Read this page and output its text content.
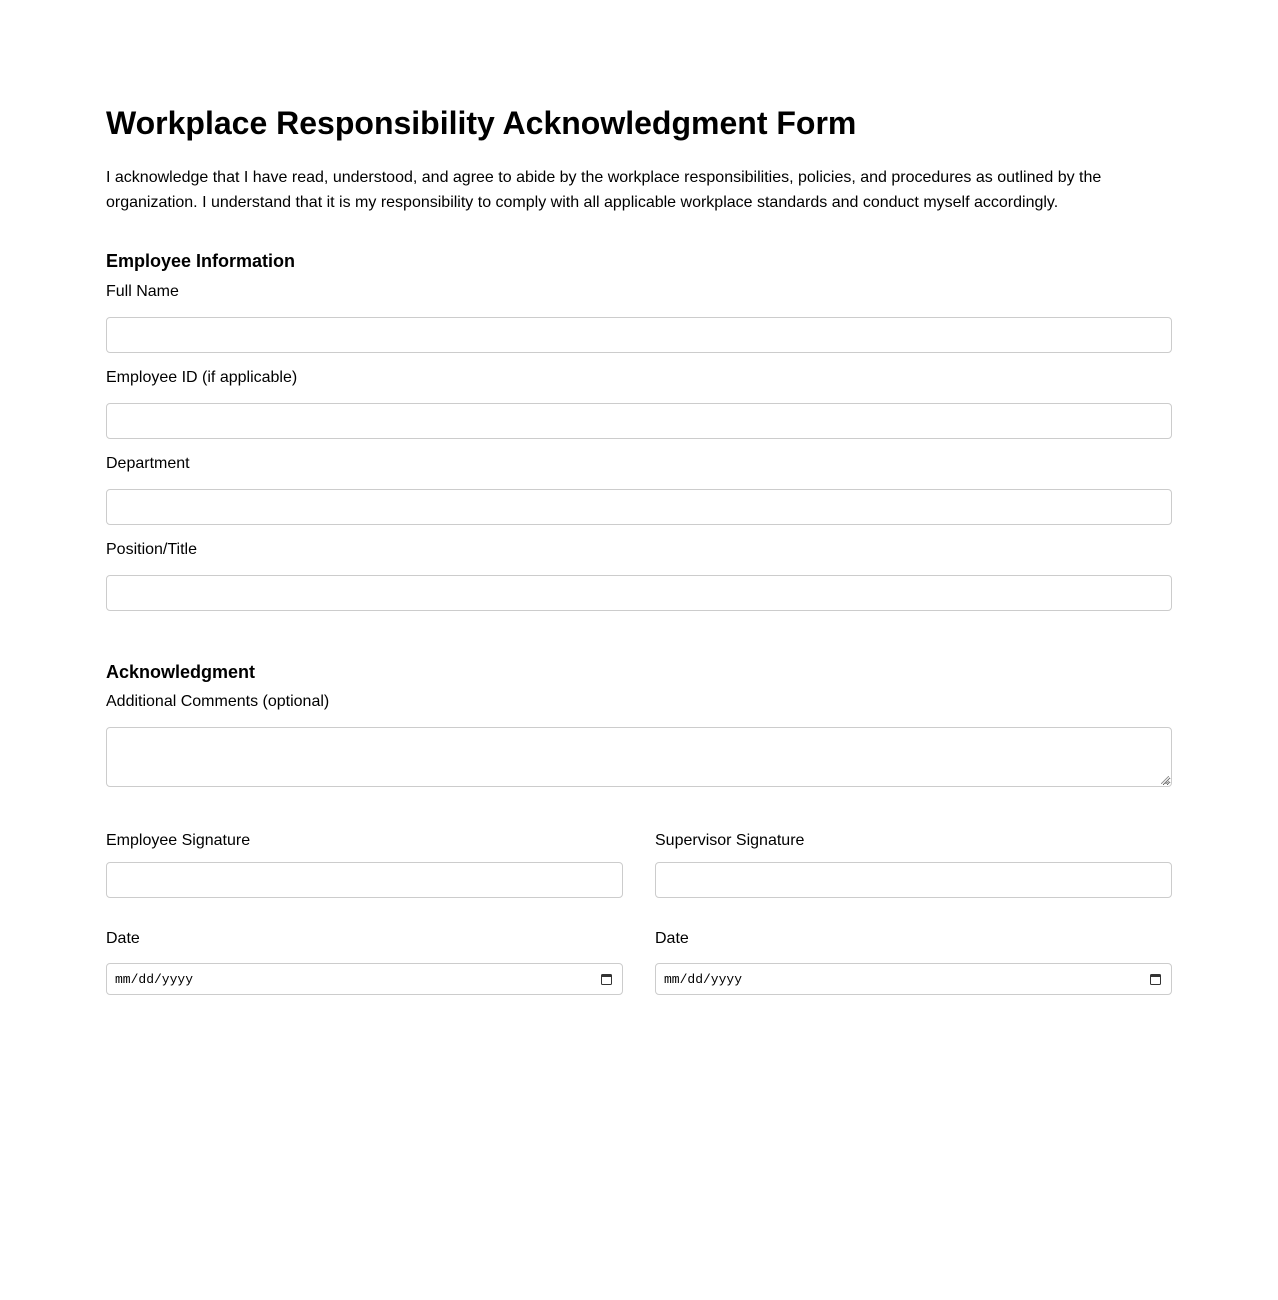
Workplace Responsibility Acknowledgment Form

I acknowledge that I have read, understood, and agree to abide by the workplace responsibilities, policies, and procedures as outlined by the organization. I understand that it is my responsibility to comply with all applicable workplace standards and conduct myself accordingly.

Employee Information
Full Name
Employee ID (if applicable)
Department
Position/Title
Acknowledgment
Additional Comments (optional)
Employee Signature	Supervisor Signature
Date
mm/dd/yyyy
Date
mm/dd/yyyy
